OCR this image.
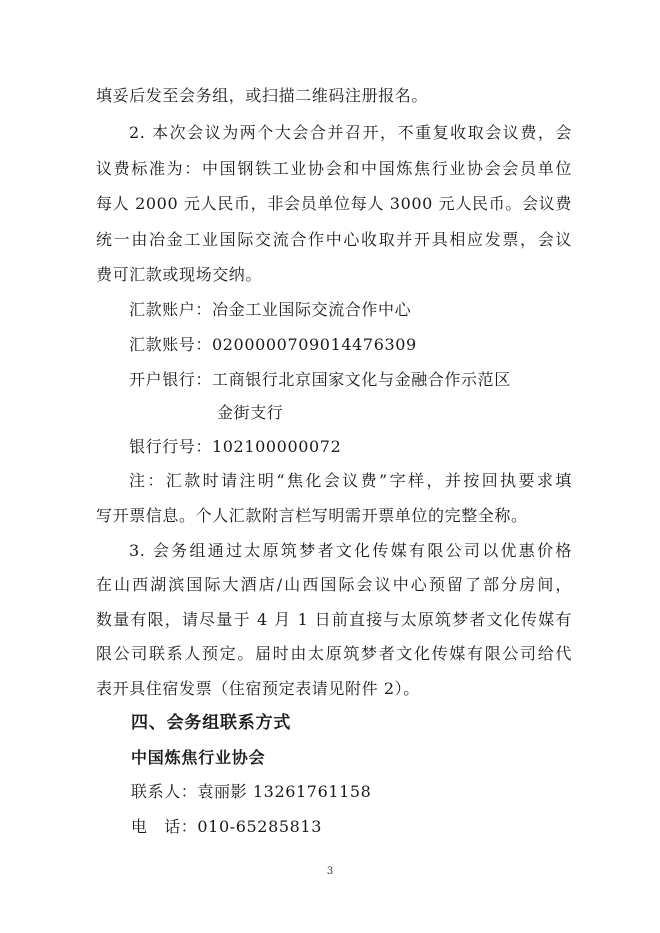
填妥后发至会务组，或扫描二维码注册报名。
2. 本次会议为两个大会合并召开，不重复收取会议费，会
议费标准为：中国钢铁工业协会和中国炼焦行业协会会员单位
每人 2000 元人民币，非会员单位每人 3000 元人民币。会议费
统一由冶金工业国际交流合作中心收取并开具相应发票，会议
费可汇款或现场交纳。
汇款账户：冶金工业国际交流合作中心
汇款账号：0200000709014476309
开户银行：工商银行北京国家文化与金融合作示范区
金街支行
银行行号：102100000072
注：汇款时请注明“焦化会议费”字样，并按回执要求填
写开票信息。个人汇款附言栏写明需开票单位的完整全称。
3. 会务组通过太原筑梦者文化传媒有限公司以优惠价格
在山西湖滨国际大酒店/山西国际会议中心预留了部分房间，
数量有限，请尽量于 4 月 1 日前直接与太原筑梦者文化传媒有
限公司联系人预定。届时由太原筑梦者文化传媒有限公司给代
表开具住宿发票（住宿预定表请见附件 2）。
四、会务组联系方式
中国炼焦行业协会
联系人：袁丽影 13261761158
电　话：010-65285813
3
